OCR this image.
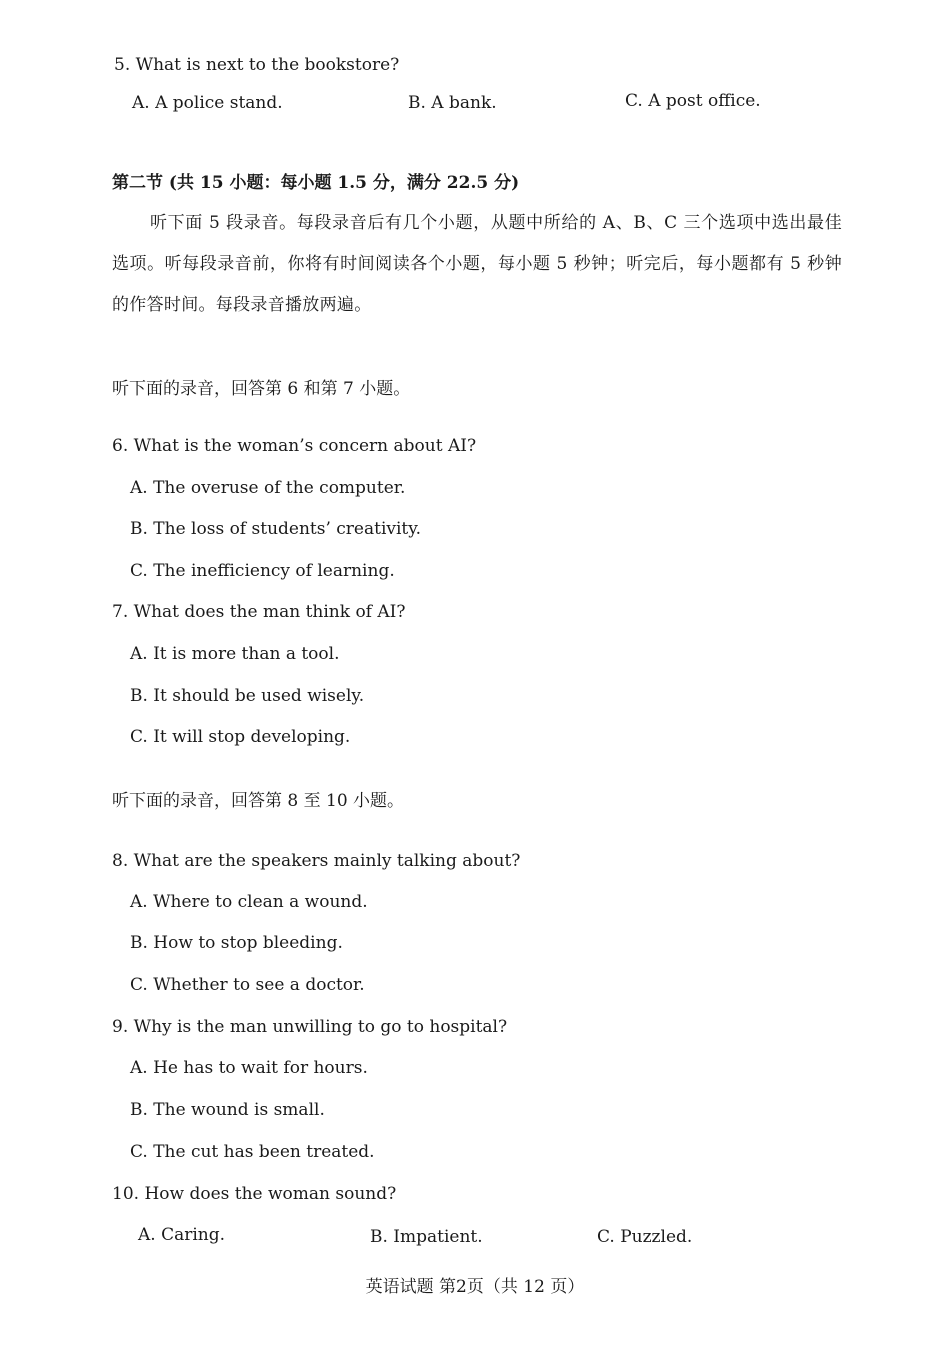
5. What is next to the bookstore?
A. A police stand.	B. A bank.	C. A post office.
第二节 (共 15 小题：每小题 1.5 分，满分 22.5 分)
听下面 5 段录音。每段录音后有几个小题，从题中所给的 A、B、C 三个选项中选出最佳选项。听每段录音前，你将有时间阅读各个小题，每小题 5 秒钟；听完后，每小题都有 5 秒钟的作答时间。每段录音播放两遍。
听下面的录音，回答第 6 和第 7 小题。
6. What is the woman’s concern about AI?
A. The overuse of the computer.
B. The loss of students’ creativity.
C. The inefficiency of learning.
7. What does the man think of AI?
A. It is more than a tool.
B. It should be used wisely.
C. It will stop developing.
听下面的录音，回答第 8 至 10 小题。
8. What are the speakers mainly talking about?
A. Where to clean a wound.
B. How to stop bleeding.
C. Whether to see a doctor.
9. Why is the man unwilling to go to hospital?
A. He has to wait for hours.
B. The wound is small.
C. The cut has been treated.
10. How does the woman sound?
A. Caring.	B. Impatient.	C. Puzzled.
英语试题 第2页（共 12 页）
